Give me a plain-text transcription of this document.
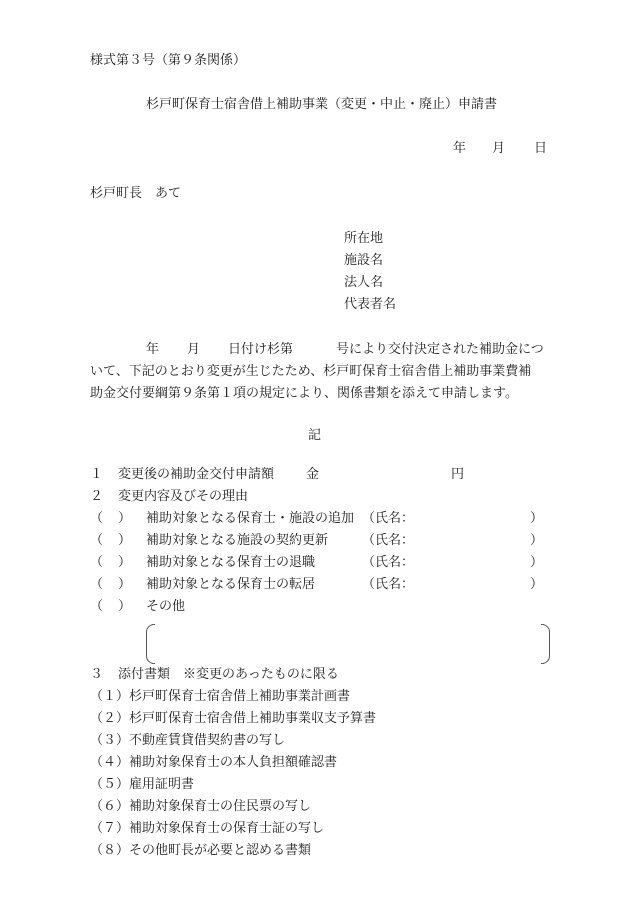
様式第３号（第９条関係）
杉戸町保育士宿舎借上補助事業（変更・中止・廃止）申請書
年 月 日
杉戸町長　あて
所在地
施設名
法人名
代表者名
年 月 日付け杉第	号により交付決定された補助金につ
いて、下記のとおり変更が生じたため、杉戸町保育士宿舎借上補助事業費補
助金交付要綱第９条第１項の規定により、関係書類を添えて申請します。
記
１ 変更後の補助金交付申請額 金	円
２ 変更内容及びその理由
（ ） 補助対象となる保育士・施設の追加 （氏名：	）
（ ） 補助対象となる施設の契約更新	（氏名：	）
（ ） 補助対象となる保育士の退職	（氏名：	）
（ ） 補助対象となる保育士の転居	（氏名：	）
（ ） その他
３ 添付書類　※変更のあったものに限る
（１）杉戸町保育士宿舎借上補助事業計画書
（２）杉戸町保育士宿舎借上補助事業収支予算書
（３）不動産賃貸借契約書の写し
（４）補助対象保育士の本人負担額確認書
（５）雇用証明書
（６）補助対象保育士の住民票の写し
（７）補助対象保育士の保育士証の写し
（８）その他町長が必要と認める書類
